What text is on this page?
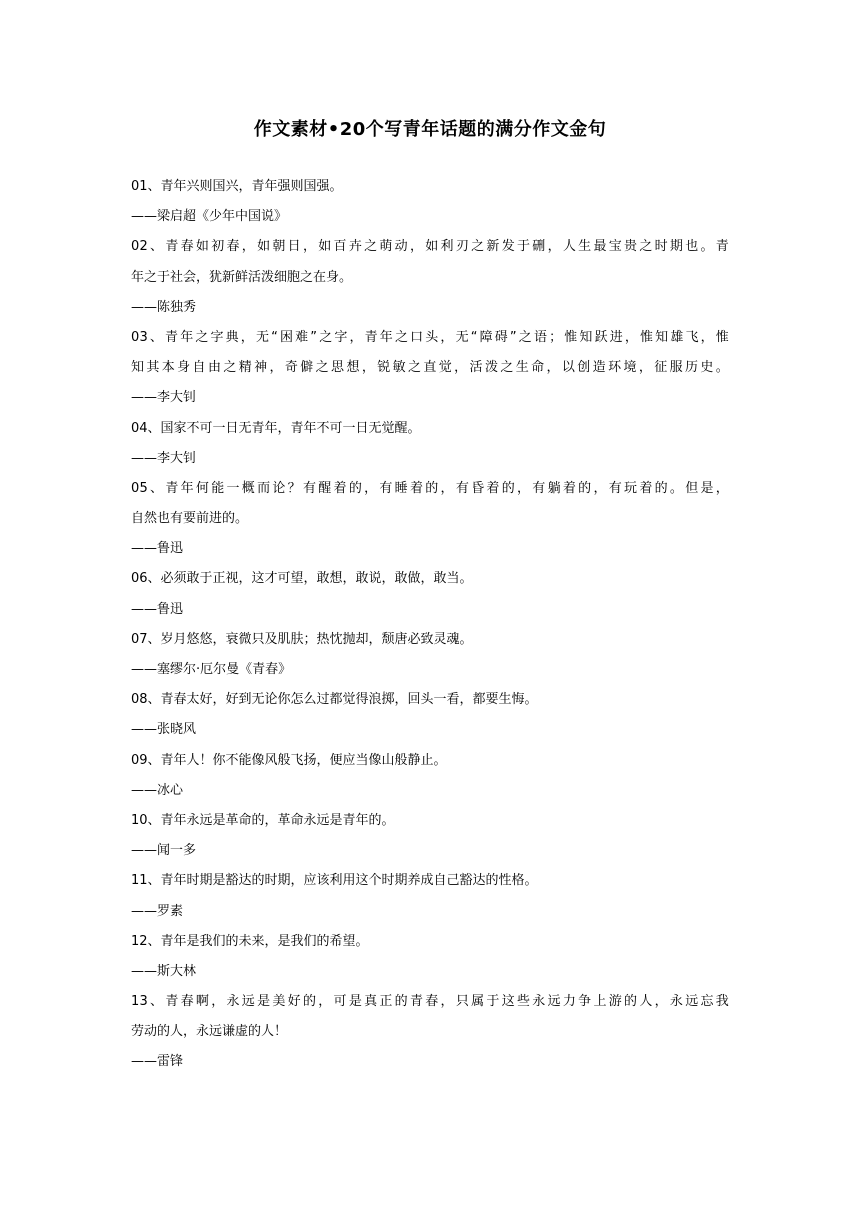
作文素材•20个写青年话题的满分作文金句
01、青年兴则国兴，青年强则国强。
——梁启超《少年中国说》
02、青春如初春，如朝日，如百卉之萌动，如利刃之新发于硎，人生最宝贵之时期也。青
年之于社会，犹新鲜活泼细胞之在身。
——陈独秀
03、青年之字典，无“困难”之字，青年之口头，无“障碍”之语；惟知跃进，惟知雄飞，惟
知其本身自由之精神，奇僻之思想，锐敏之直觉，活泼之生命，以创造环境，征服历史。
——李大钊
04、国家不可一日无青年，青年不可一日无觉醒。
——李大钊
05、青年何能一概而论？有醒着的，有睡着的，有昏着的，有躺着的，有玩着的。但是，
自然也有要前进的。
——鲁迅
06、必须敢于正视，这才可望，敢想，敢说，敢做，敢当。
——鲁迅
07、岁月悠悠，衰微只及肌肤；热忱抛却，颓唐必致灵魂。
——塞缪尔·厄尔曼《青春》
08、青春太好，好到无论你怎么过都觉得浪掷，回头一看，都要生悔。
——张晓风
09、青年人！你不能像风般飞扬，便应当像山般静止。
——冰心
10、青年永远是革命的，革命永远是青年的。
——闻一多
11、青年时期是豁达的时期，应该利用这个时期养成自己豁达的性格。
——罗素
12、青年是我们的未来，是我们的希望。
——斯大林
13、青春啊，永远是美好的，可是真正的青春，只属于这些永远力争上游的人，永远忘我
劳动的人，永远谦虚的人！
——雷锋
